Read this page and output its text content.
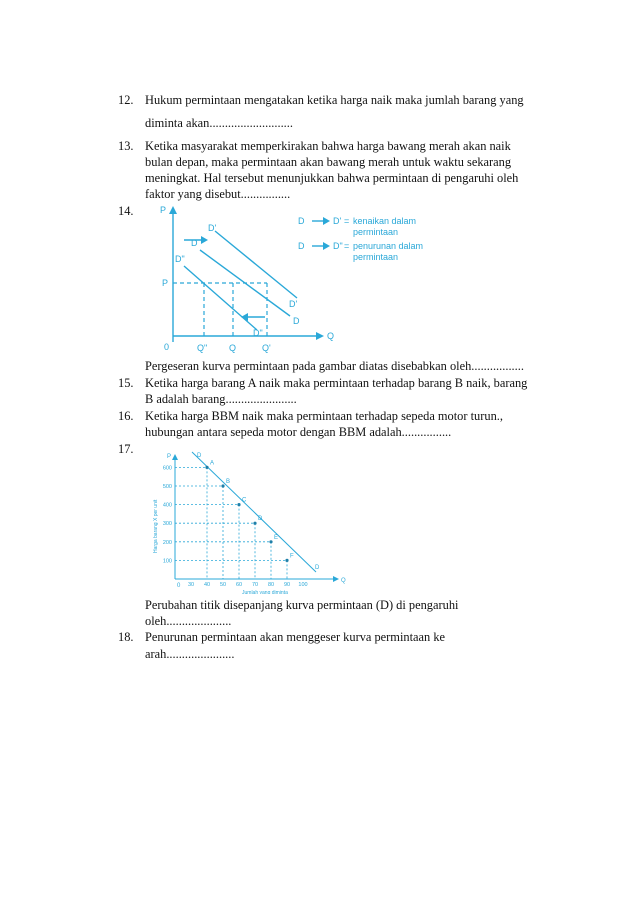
12. Hukum permintaan mengatakan ketika harga naik maka jumlah barang yang
diminta akan...........................
13. Ketika masyarakat memperkirakan bahwa harga bawang merah akan naik
bulan depan, maka permintaan akan bawang merah untuk waktu sekarang
meningkat. Hal tersebut menunjukkan bahwa permintaan di pengaruhi oleh
faktor yang disebut................
14.	P
Q
0
P
Q" Q	Q'
D
D
D'
D'
D"
D"
D	D' = kenaikan dalam
permintaan
D	D" = penurunan dalam
permintaan
Pergeseran kurva permintaan pada gambar diatas disebabkan oleh.................
15. Ketika harga barang A naik maka permintaan terhadap barang B naik, barang
B adalah barang.......................
16. Ketika harga BBM naik maka permintaan terhadap sepeda motor turun.,
hubungan antara sepeda motor dengan BBM adalah................
17.
A
B
C
D
E
F
600
500
400
300
200
100
30 40 50 60 70 80 90 100
P
Q
0
D
D
Harga barang X per unit
Jumlah yang diminta
Perubahan titik disepanjang kurva permintaan (D) di pengaruhi
oleh.....................
18. Penurunan permintaan akan menggeser kurva permintaan ke
arah......................
